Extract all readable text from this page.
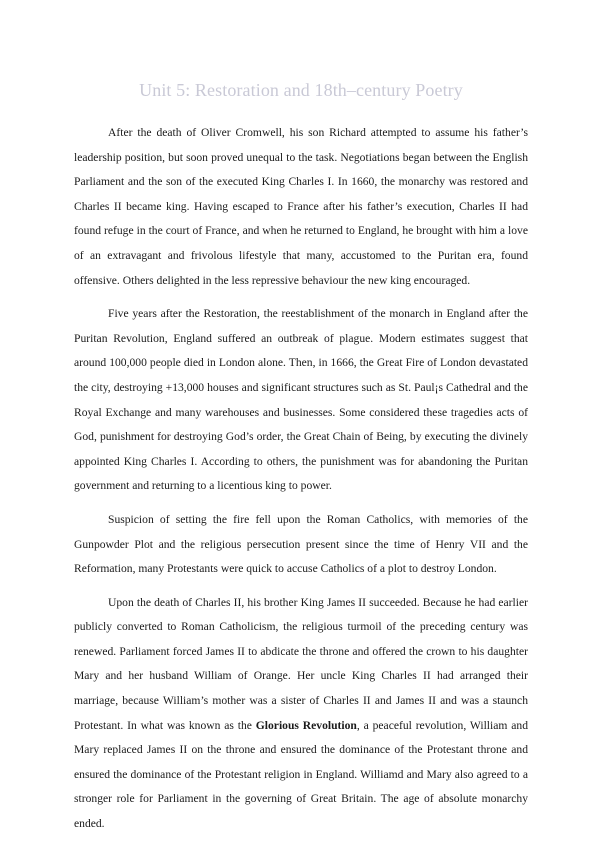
Unit 5: Restoration and 18th–century Poetry

After the death of Oliver Cromwell, his son Richard attempted to assume his father’s leadership position, but soon proved unequal to the task. Negotiations began between the English Parliament and the son of the executed King Charles I. In 1660, the monarchy was restored and Charles II became king. Having escaped to France after his father’s execution, Charles II had found refuge in the court of France, and when he returned to England, he brought with him a love of an extravagant and frivolous lifestyle that many, accustomed to the Puritan era, found offensive. Others delighted in the less repressive behaviour the new king encouraged.

Five years after the Restoration, the reestablishment of the monarch in England after the Puritan Revolution, England suffered an outbreak of plague. Modern estimates suggest that around 100,000 people died in London alone. Then, in 1666, the Great Fire of London devastated the city, destroying +13,000 houses and significant structures such as St. Paul¡s Cathedral and the Royal Exchange and many warehouses and businesses. Some considered these tragedies acts of God, punishment for destroying God’s order, the Great Chain of Being, by executing the divinely appointed King Charles I. According to others, the punishment was for abandoning the Puritan government and returning to a licentious king to power.

Suspicion of setting the fire fell upon the Roman Catholics, with memories of the Gunpowder Plot and the religious persecution present since the time of Henry VII and the Reformation, many Protestants were quick to accuse Catholics of a plot to destroy London.

Upon the death of Charles II, his brother King James II succeeded. Because he had earlier publicly converted to Roman Catholicism, the religious turmoil of the preceding century was renewed. Parliament forced James II to abdicate the throne and offered the crown to his daughter Mary and her husband William of Orange. Her uncle King Charles II had arranged their marriage, because William’s mother was a sister of Charles II and James II and was a staunch Protestant. In what was known as the Glorious Revolution, a peaceful revolution, William and Mary replaced James II on the throne and ensured the dominance of the Protestant throne and ensured the dominance of the Protestant religion in England. Williamd and Mary also agreed to a stronger role for Parliament in the governing of Great Britain. The age of absolute monarchy ended.
